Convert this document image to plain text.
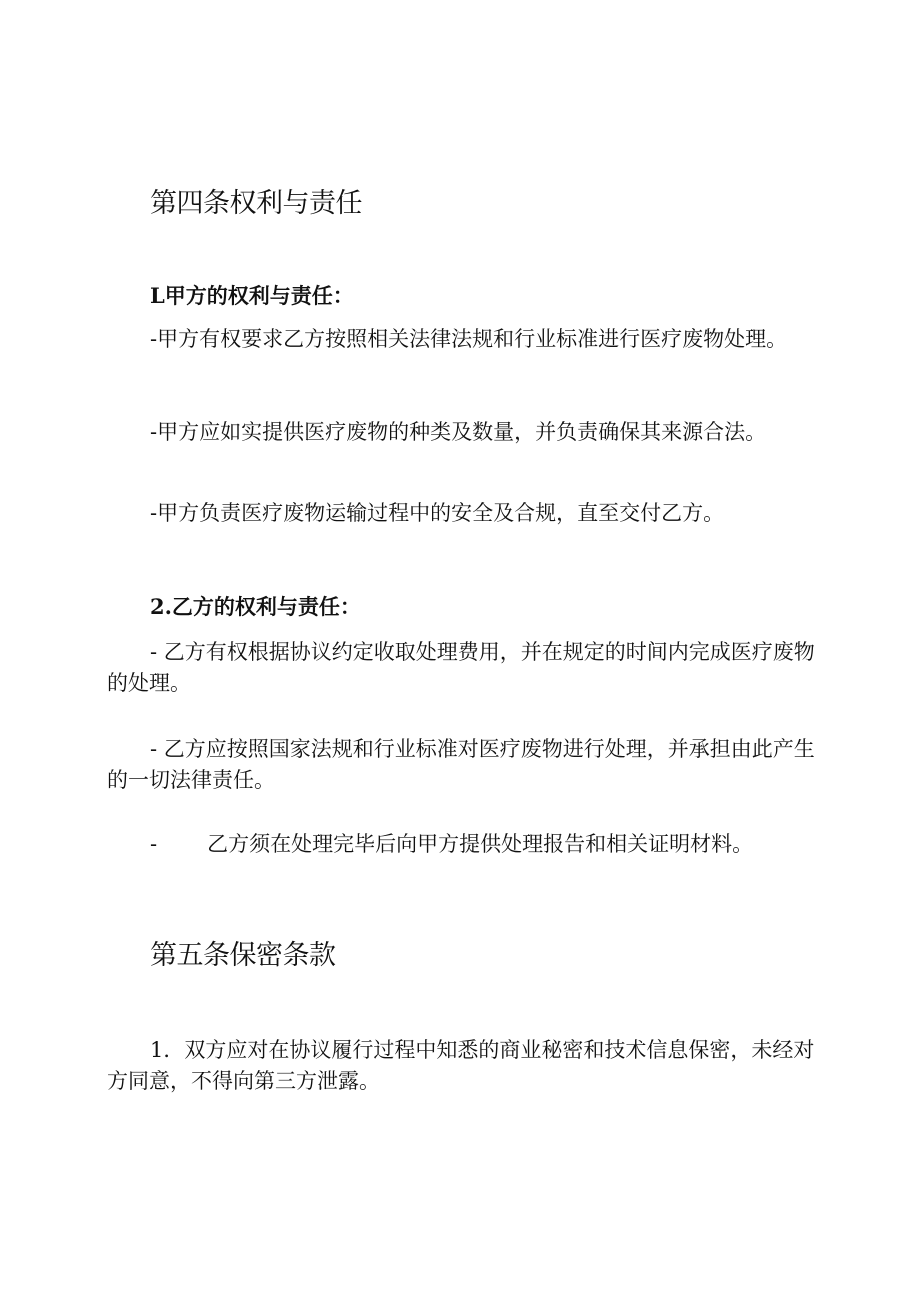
第四条权利与责任
L甲方的权利与责任：

-甲方有权要求乙方按照相关法律法规和行业标准进行医疗废物处理。

-甲方应如实提供医疗废物的种类及数量，并负责确保其来源合法。

-甲方负责医疗废物运输过程中的安全及合规，直至交付乙方。

2.乙方的权利与责任：

- 乙方有权根据协议约定收取处理费用，并在规定的时间内完成医疗废物的处理。

- 乙方应按照国家法规和行业标准对医疗废物进行处理，并承担由此产生的一切法律责任。

- 乙方须在处理完毕后向甲方提供处理报告和相关证明材料。

第五条保密条款

1．双方应对在协议履行过程中知悉的商业秘密和技术信息保密，未经对方同意，不得向第三方泄露。
